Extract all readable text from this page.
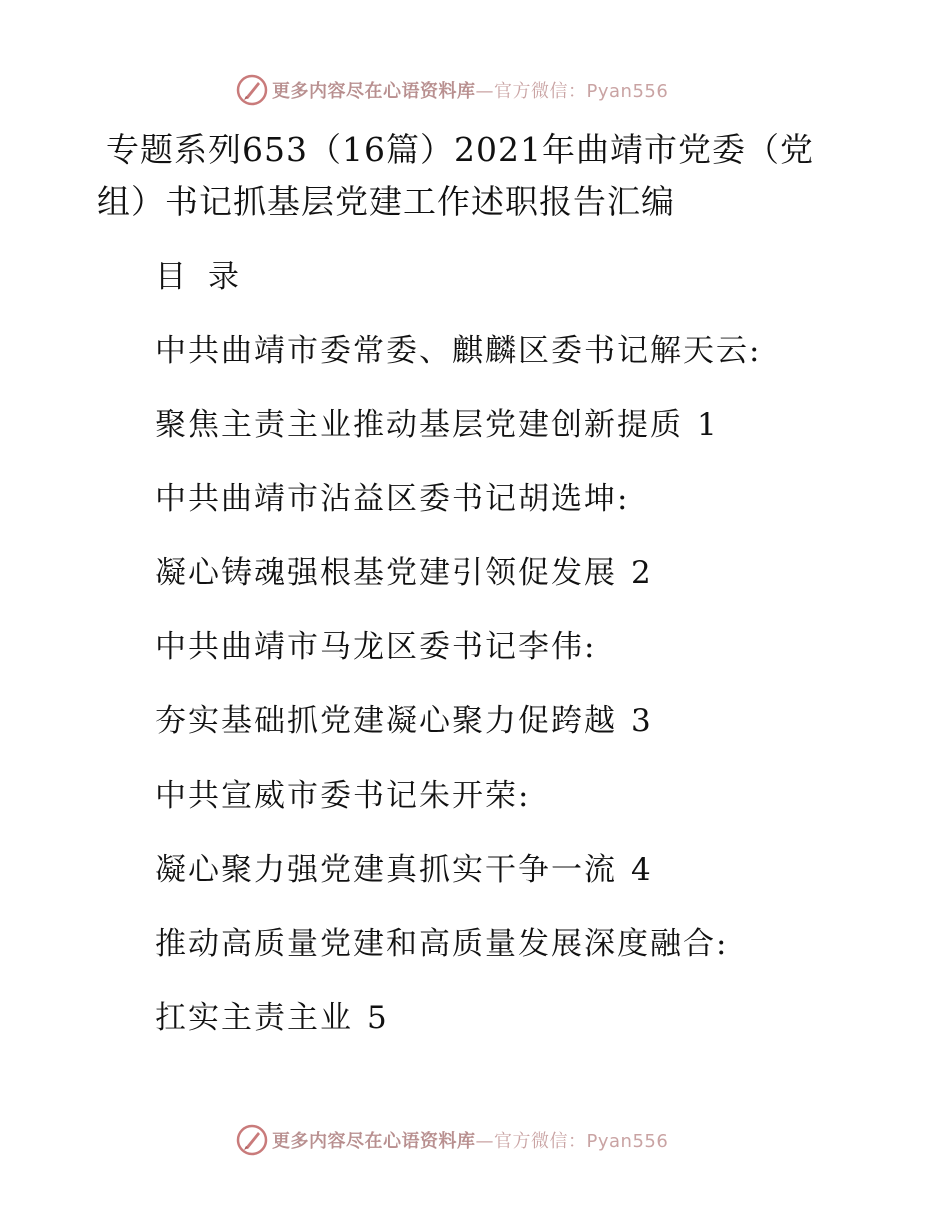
更多内容尽在心语资料库—官方微信：Pyan556
专题系列653（16篇）2021年曲靖市党委（党组）书记抓基层党建工作述职报告汇编
目 录
中共曲靖市委常委、麒麟区委书记解天云:
聚焦主责主业推动基层党建创新提质 1
中共曲靖市沾益区委书记胡选坤:
凝心铸魂强根基党建引领促发展 2
中共曲靖市马龙区委书记李伟:
夯实基础抓党建凝心聚力促跨越 3
中共宣威市委书记朱开荣:
凝心聚力强党建真抓实干争一流 4
推动高质量党建和高质量发展深度融合:
扛实主责主业 5
更多内容尽在心语资料库—官方微信：Pyan556
